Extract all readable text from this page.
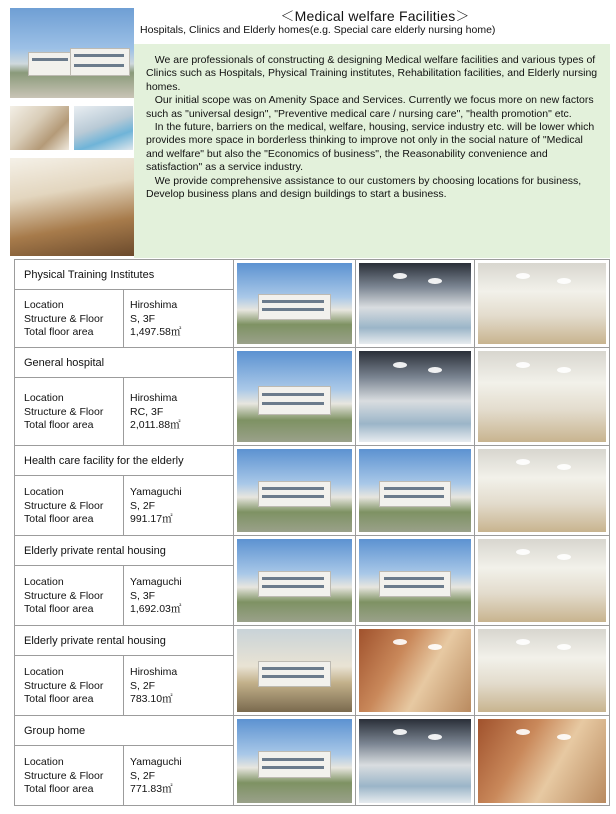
＜Medical welfare Facilities＞
Hospitals, Clinics and Elderly homes(e.g. Special care elderly nursing home)

We are professionals of constructing & designing Medical welfare facilities and various types of Clinics such as Hospitals, Physical Training institutes, Rehabilitation facilities, and Elderly nursing homes.

Our initial scope was on Amenity Space and Services. Currently we focus more on new factors such as "universal design", "Preventive medical care / nursing care", "health promotion" etc.

In the future, barriers on the medical, welfare, housing, service industry etc. will be lower which provides more space in borderless thinking to improve not only in the social nature of "Medical and welfare" but also the "Economics of business", the Reasonability convenience and satisfaction" as a service industry.

We provide comprehensive assistance to our customers by choosing locations for business, Develop business plans and design buildings to start a business.

Physical Training Institutes
Location
Structure & Floor
Total floor area
Hiroshima
S, 3F
1,497.58㎡
General hospital
Location
Structure & Floor
Total floor area
Hiroshima
RC, 3F
2,011.88㎡
Health care facility for the elderly
Location
Structure & Floor
Total floor area
Yamaguchi
S, 2F
991.17㎡
Elderly private rental housing
Location
Structure & Floor
Total floor area
Yamaguchi
S, 3F
1,692.03㎡
Elderly private rental housing
Location
Structure & Floor
Total floor area
Hiroshima
S, 2F
783.10㎡
Group home
Location
Structure & Floor
Total floor area
Yamaguchi
S, 2F
771.83㎡
